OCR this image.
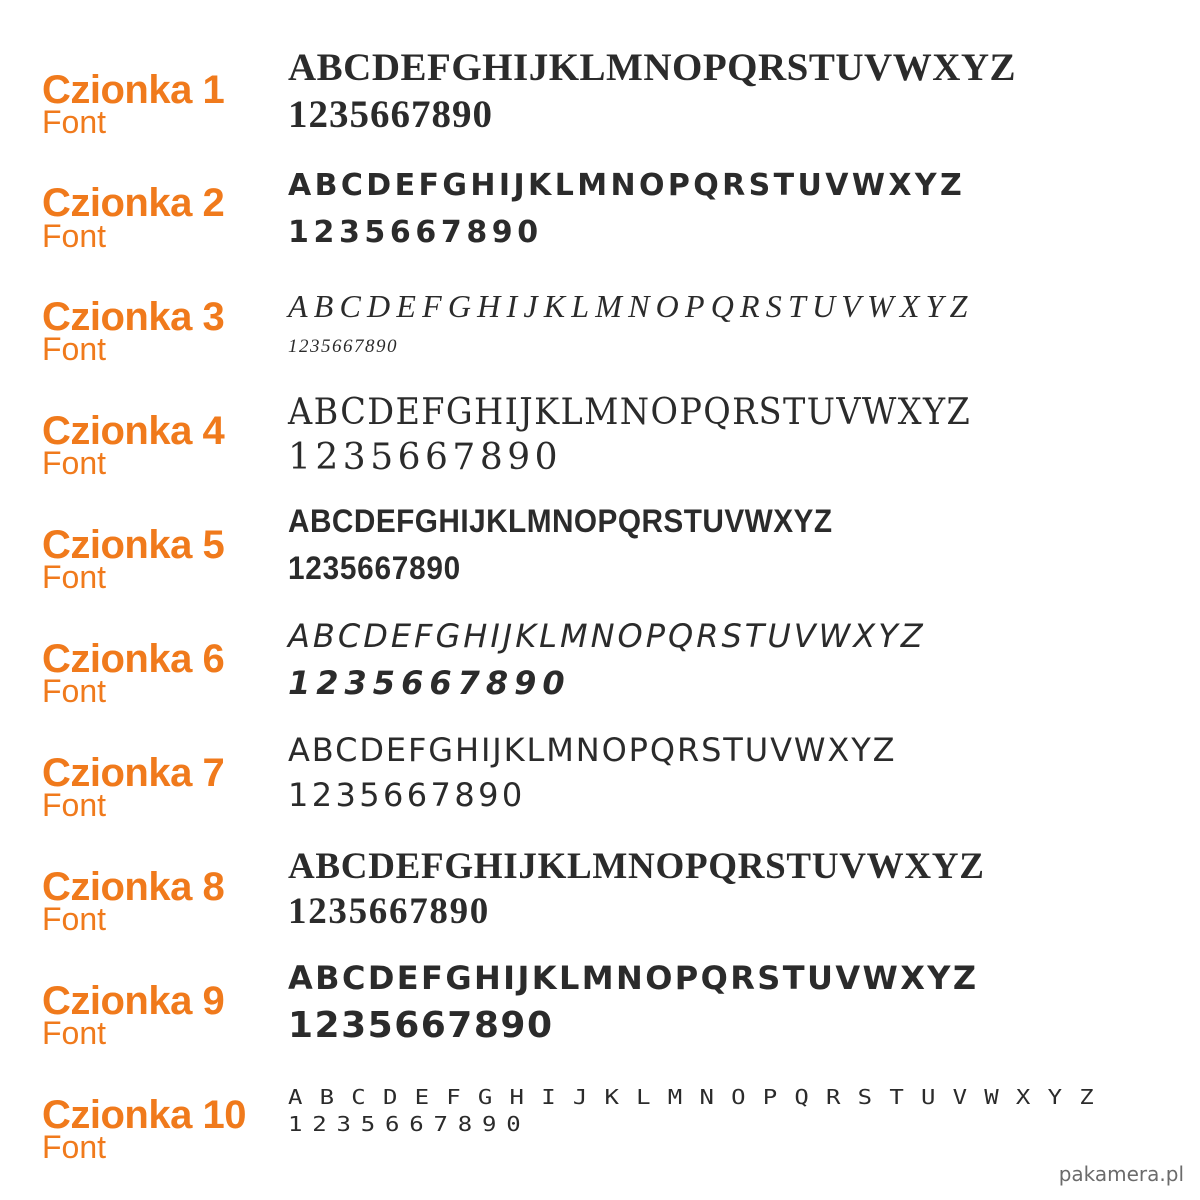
Czionka 1
Font
ABCDEFGHIJKLMNOPQRSTUVWXYZ
1235667890
Czionka 2
Font
ABCDEFGHIJKLMNOPQRSTUVWXYZ
1235667890
Czionka 3
Font
ABCDEFGHIJKLMNOPQRSTUVWXYZ
1235667890
Czionka 4
Font
ABCDEFGHIJKLMNOPQRSTUVWXYZ
1235667890
Czionka 5
Font
ABCDEFGHIJKLMNOPQRSTUVWXYZ
1235667890
Czionka 6
Font
ABCDEFGHIJKLMNOPQRSTUVWXYZ
1235667890
Czionka 7
Font
ABCDEFGHIJKLMNOPQRSTUVWXYZ
1235667890
Czionka 8
Font
ABCDEFGHIJKLMNOPQRSTUVWXYZ
1235667890
Czionka 9
Font
ABCDEFGHIJKLMNOPQRSTUVWXYZ
1235667890
Czionka 10
Font
ABCDEFGHIJKLMNOPQRSTUVWXYZ
1235667890
pakamera.pl
